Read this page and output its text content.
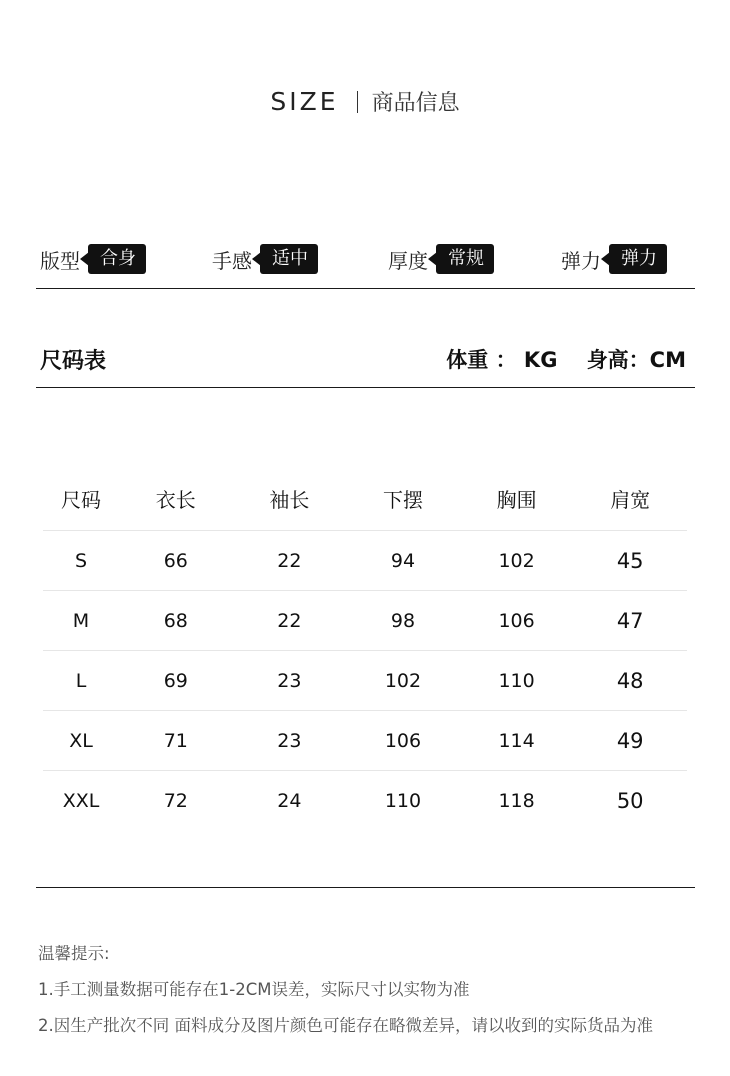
SIZE 商品信息
版型	合身	手感	适中	厚度	常规	弹力	弹力
尺码表	体重 ： KG 身高：CM
尺码	衣长	袖长	下摆	胸围	肩宽
S	66	22	94	102	45
M	68	22	98	106	47
L	69	23	102	110	48
XL	71	23	106	114	49
XXL	72	24	110	118	50
温馨提示:
1.手工测量数据可能存在1-2CM误差，实际尺寸以实物为准
2.因生产批次不同 面料成分及图片颜色可能存在略微差异，请以收到的实际货品为准
